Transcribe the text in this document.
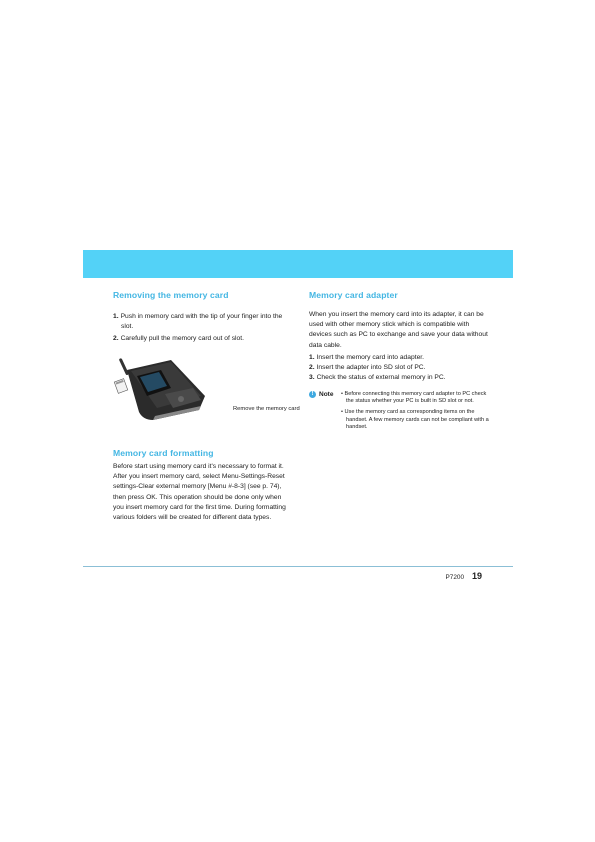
Removing the memory card
1. Push in memory card with the tip of your finger into the slot.
2. Carefully pull the memory card out of slot.
Remove the memory card
Memory card formatting

Before start using memory card it's necessary to format it. After you insert memory card, select Menu-Settings-Reset settings-Clear external memory [Menu #-8-3] (see p. 74), then press OK. This operation should be done only when you insert memory card for the first time. During formatting various folders will be created for different data types.

Memory card adapter

When you insert the memory card into its adapter, it can be used with other memory stick which is compatible with devices such as PC to exchange and save your data without data cable.

1. Insert the memory card into adapter.
2. Insert the adapter into SD slot of PC.
3. Check the status of external memory in PC.
! Note • Before connecting this memory card adapter to PC check the status whether your PC is built in SD slot or not.
• Use the memory card as corresponding items on the handset. A few memory cards can not be compliant with a handset.
P7200 19
